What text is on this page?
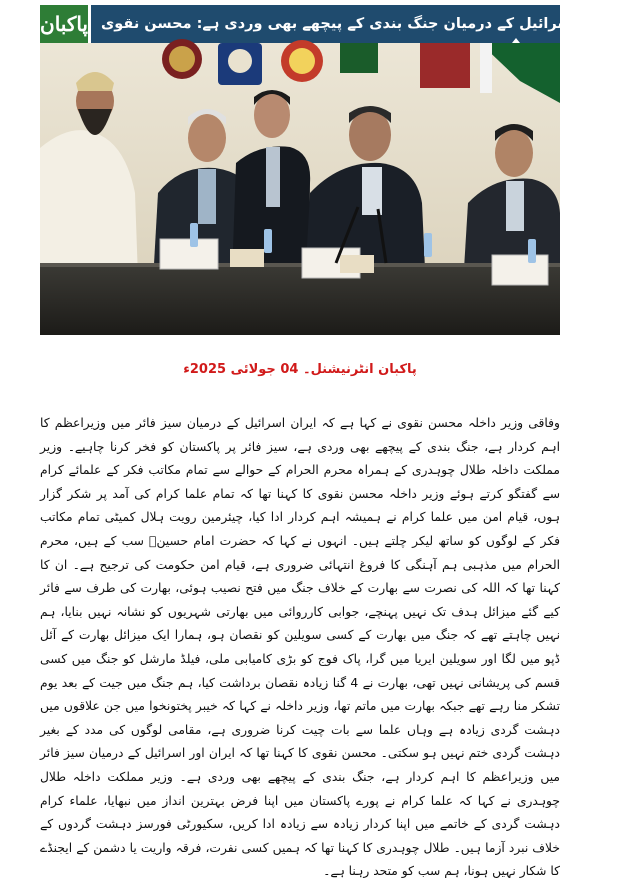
پاکبان ایران اسرائیل کے درمیان جنگ بندی کے پیچھے بھی وردی ہے: محسن نقوی
پاکبان انٹرنیشنل۔ 04 جولائی 2025ء
وفاقی وزیر داخلہ محسن نقوی نے کہا ہے کہ ایران اسرائیل کے درمیان سیز فائر میں وزیراعظم کا اہم کردار ہے، جنگ بندی کے پیچھے بھی وردی ہے، سیز فائر پر پاکستان کو فخر کرنا چاہیے۔ وزیر مملکت داخلہ طلال چوہدری کے ہمراہ محرم الحرام کے حوالے سے تمام مکاتب فکر کے علمائے کرام سے گفتگو کرتے ہوئے وزیر داخلہ محسن نقوی کا کہنا تھا کہ تمام علما کرام کی آمد پر شکر گزار ہوں، قیام امن میں علما کرام نے ہمیشہ اہم کردار ادا کیا، چیئرمین رویت ہلال کمیٹی تمام مکاتب فکر کے لوگوں کو ساتھ لیکر چلتے ہیں۔ انہوں نے کہا کہ حضرت امام حسینؓ سب کے ہیں، محرم الحرام میں مذہبی ہم آہنگی کا فروغ انتہائی ضروری ہے، قیام امن حکومت کی ترجیح ہے۔ ان کا کہنا تھا کہ اللہ کی نصرت سے بھارت کے خلاف جنگ میں فتح نصیب ہوئی، بھارت کی طرف سے فائر کیے گئے میزائل ہدف تک نہیں پہنچے، جوابی کارروائی میں بھارتی شہریوں کو نشانہ نہیں بنایا، ہم نہیں چاہتے تھے کہ جنگ میں بھارت کے کسی سویلین کو نقصان ہو، ہمارا ایک میزائل بھارت کے آئل ڈپو میں لگا اور سویلین ایریا میں گرا، پاک فوج کو بڑی کامیابی ملی، فیلڈ مارشل کو جنگ میں کسی قسم کی پریشانی نہیں تھی، بھارت نے 4 گنا زیادہ نقصان برداشت کیا، ہم جنگ میں جیت کے بعد یوم تشکر منا رہے تھے جبکہ بھارت میں ماتم تھا، وزیر داخلہ نے کہا کہ خیبر پختونخوا میں جن علاقوں میں دہشت گردی زیادہ ہے وہاں علما سے بات چیت کرنا ضروری ہے، مقامی لوگوں کی مدد کے بغیر دہشت گردی ختم نہیں ہو سکتی۔ محسن نقوی کا کہنا تھا کہ ایران اور اسرائیل کے درمیان سیز فائر میں وزیراعظم کا اہم کردار ہے، جنگ بندی کے پیچھے بھی وردی ہے۔ وزیر مملکت داخلہ طلال چوہدری نے کہا کہ علما کرام نے پورے پاکستان میں اپنا فرض بہترین انداز میں نبھایا، علماء کرام دہشت گردی کے خاتمے میں اپنا کردار زیادہ سے زیادہ ادا کریں، سکیورٹی فورسز دہشت گردوں کے خلاف نبرد آزما ہیں۔ طلال چوہدری کا کہنا تھا کہ ہمیں کسی نفرت، فرقہ واریت یا دشمن کے ایجنڈے کا شکار نہیں ہونا، ہم سب کو متحد رہنا ہے۔
